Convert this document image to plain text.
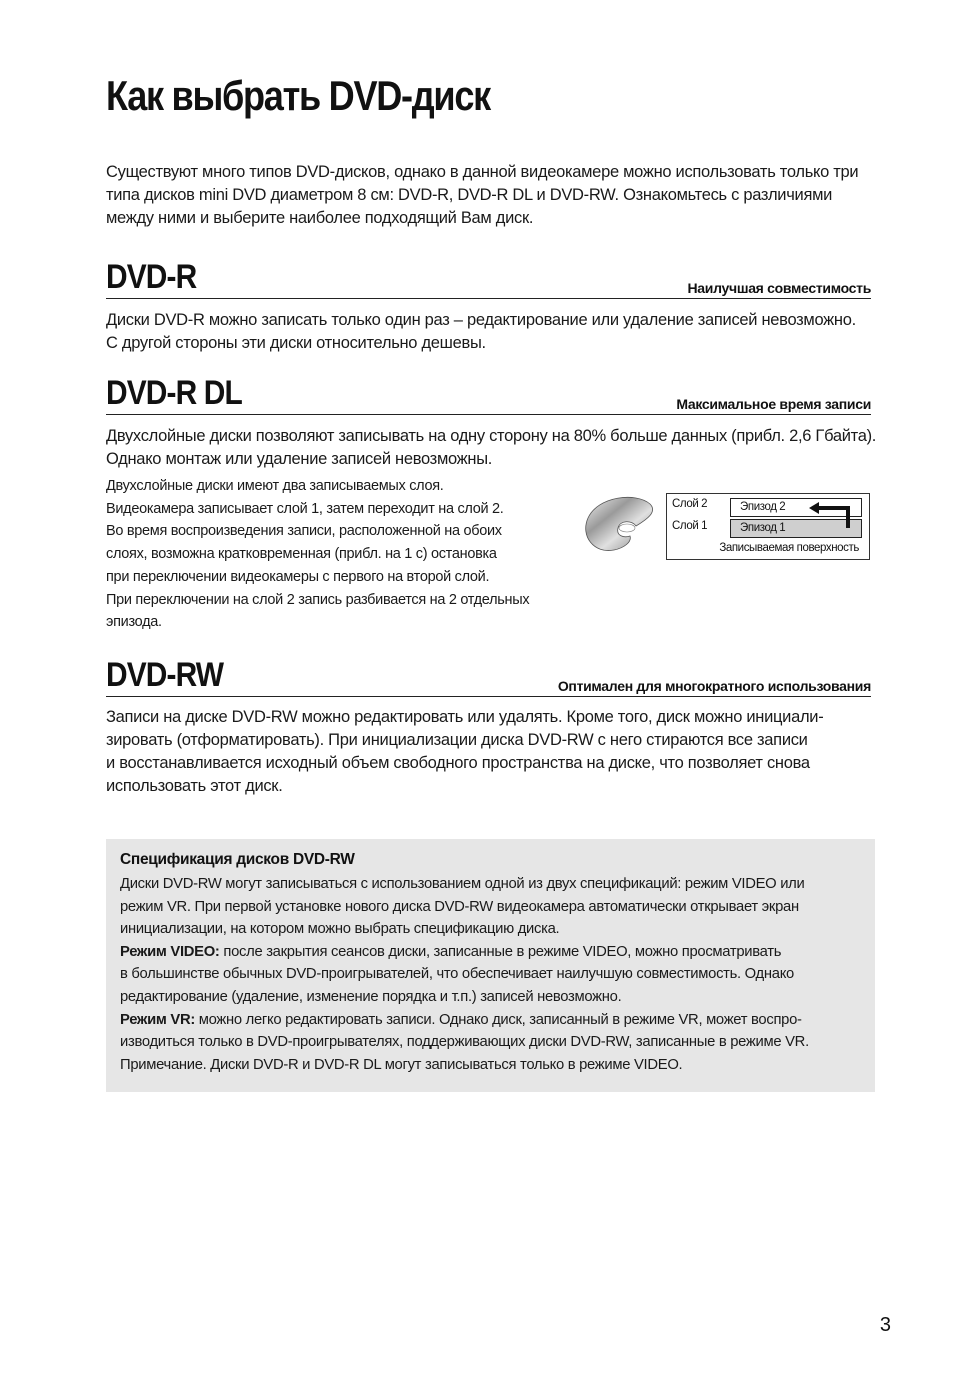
Как выбрать DVD-диск

Существуют много типов DVD-дисков, однако в данной видеокамере можно использовать только три
типа дисков mini DVD диаметром 8 см: DVD-R, DVD-R DL и DVD-RW. Ознакомьтесь с различиями
между ними и выберите наиболее подходящий Вам диск.

DVD-R	Наилучшая совместимость

Диски DVD-R можно записать только один раз – редактирование или удаление записей невозможно.
С другой стороны эти диски относительно дешевы.

DVD-R DL	Максимальное время записи

Двухслойные диски позволяют записывать на одну сторону на 80% больше данных (прибл. 2,6 Гбайта).
Однако монтаж или удаление записей невозможны.

Двухслойные диски имеют два записываемых слоя.
Видеокамера записывает слой 1, затем переходит на слой 2.
Во время воспроизведения записи, расположенной на обоих
слоях, возможна кратковременная (прибл. на 1 с) остановка
при переключении видеокамеры с первого на второй слой.
При переключении на слой 2 запись разбивается на 2 отдельных
эпизода.

Слой 2
Слой 1
Эпизод 2
Эпизод 1
Записываемая поверхность
DVD-RW	Оптимален для многократного использования

Записи на диске DVD-RW можно редактировать или удалять. Кроме того, диск можно инициали-
зировать (отформатировать). При инициализации диска DVD-RW с него стираются все записи
и восстанавливается исходный объем свободного пространства на диске, что позволяет снова
использовать этот диск.

Спецификация дисков DVD-RW
Диски DVD-RW могут записываться с использованием одной из двух спецификаций: режим VIDEO или
режим VR. При первой установке нового диска DVD-RW видеокамера автоматически открывает экран
инициализации, на котором можно выбрать спецификацию диска.
Режим VIDEO: после закрытия сеансов диски, записанные в режиме VIDEO, можно просматривать
в большинстве обычных DVD-проигрывателей, что обеспечивает наилучшую совместимость. Однако
редактирование (удаление, изменение порядка и т.п.) записей невозможно.
Режим VR: можно легко редактировать записи. Однако диск, записанный в режиме VR, может воспро-
изводиться только в DVD-проигрывателях, поддерживающих диски DVD-RW, записанные в режиме VR.
Примечание. Диски DVD-R и DVD-R DL могут записываться только в режиме VIDEO.
3
